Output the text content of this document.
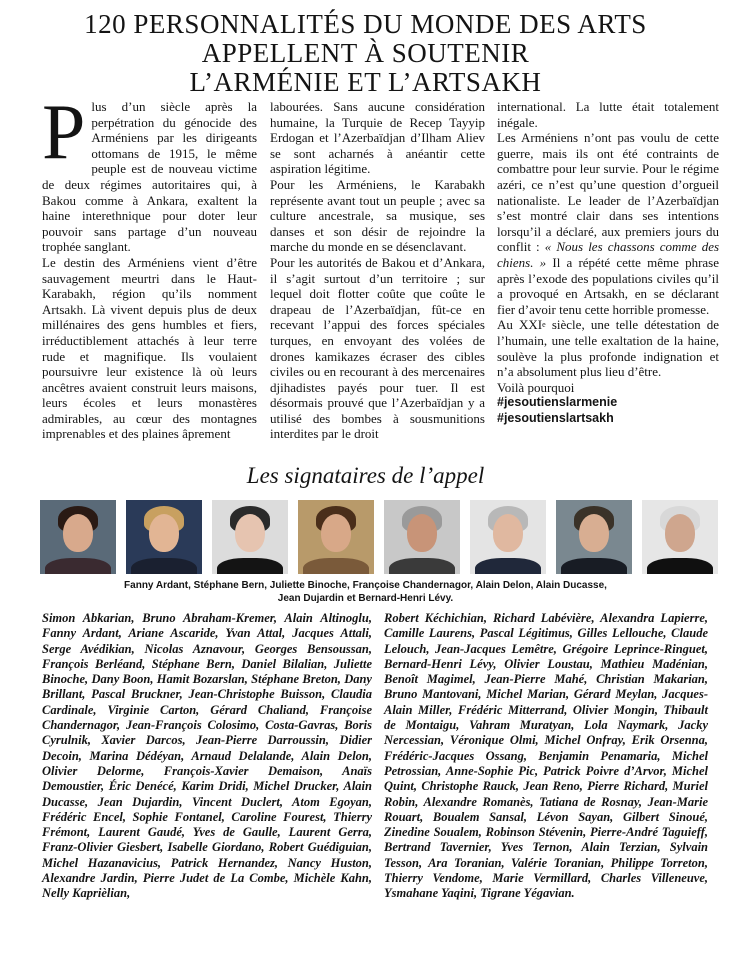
120 PERSONNALITÉS DU MONDE DES ARTS
APPELLENT À SOUTENIR
L’ARMÉNIE ET L’ARTSAKH

Plus d’un siècle après la perpétration du génocide des Arméniens par les dirigeants ottomans de 1915, le même peuple est de nouveau victime de deux régimes autoritaires qui, à Bakou comme à Ankara, exaltent la haine interethnique pour doter leur pouvoir sans partage d’un nouveau trophée sanglant.

Le destin des Arméniens vient d’être sauvagement meurtri dans le Haut-Karabakh, région qu’ils nomment Artsakh. Là vivent depuis plus de deux millénaires des gens humbles et fiers, irréductiblement attachés à leur terre rude et magnifique. Ils voulaient poursuivre leur existence là où leurs ancêtres avaient construit leurs maisons, leurs écoles et leurs monastères admirables, au cœur des montagnes imprenables et des plaines âprement

labourées. Sans aucune considération humaine, la Turquie de Recep Tayyip Erdogan et l’Azerbaïdjan d’Ilham Aliev se sont acharnés à anéantir cette aspiration légitime.

Pour les Arméniens, le Karabakh représente avant tout un peuple ; avec sa culture ancestrale, sa musique, ses danses et son désir de rejoindre la marche du monde en se désenclavant.

Pour les autorités de Bakou et d’Ankara, il s’agit surtout d’un territoire ; sur lequel doit flotter coûte que coûte le drapeau de l’Azerbaïdjan, fût-ce en recevant l’appui des forces spéciales turques, en envoyant des volées de drones kamikazes écraser des cibles civiles ou en recourant à des mercenaires djihadistes payés pour tuer. Il est désormais prouvé que l’Azerbaïdjan y a utilisé des bombes à sousmunitions interdites par le droit

international. La lutte était totalement inégale.

Les Arméniens n’ont pas voulu de cette guerre, mais ils ont été contraints de combattre pour leur survie. Pour le régime azéri, ce n’est qu’une question d’orgueil nationaliste. Le leader de l’Azerbaïdjan s’est montré clair dans ses intentions lorsqu’il a déclaré, aux premiers jours du conflit : « Nous les chassons comme des chiens. » Il a répété cette même phrase après l’exode des populations civiles qu’il a provoqué en Artsakh, en se déclarant fier d’avoir tenu cette horrible promesse.

Au XXIe siècle, une telle détestation de l’humain, une telle exaltation de la haine, soulève la plus profonde indignation et n’a absolument plus lieu d’être.

Voilà pourquoi

#jesoutienslarmenie

#jesoutienslartsakh

Les signataires de l’appel
Fanny Ardant, Stéphane Bern, Juliette Binoche, Françoise Chandernagor, Alain Delon, Alain Ducasse,
Jean Dujardin et Bernard-Henri Lévy.
Simon Abkarian, Bruno Abraham-Kremer, Alain Altinoglu, Fanny Ardant, Ariane Ascaride, Yvan Attal, Jacques Attali, Serge Avédikian, Nicolas Aznavour, Georges Bensoussan, François Berléand, Stéphane Bern, Daniel Bilalian, Juliette Binoche, Dany Boon, Hamit Bozarslan, Stéphane Breton, Dany Brillant, Pascal Bruckner, Jean-Christophe Buisson, Claudia Cardinale, Virginie Carton, Gérard Chaliand, Françoise Chandernagor, Jean-François Colosimo, Costa-Gavras, Boris Cyrulnik, Xavier Darcos, Jean-Pierre Darroussin, Didier Decoin, Marina Dédéyan, Arnaud Delalande, Alain Delon, Olivier Delorme, François-Xavier Demaison, Anaïs Demoustier, Éric Denécé, Karim Dridi, Michel Drucker, Alain Ducasse, Jean Dujardin, Vincent Duclert, Atom Egoyan, Frédéric Encel, Sophie Fontanel, Caroline Fourest, Thierry Frémont, Laurent Gaudé, Yves de Gaulle, Laurent Gerra, Franz-Olivier Giesbert, Isabelle Giordano, Robert Guédiguian, Michel Hazanavicius, Patrick Hernandez, Nancy Huston, Alexandre Jardin, Pierre Judet de La Combe, Michèle Kahn, Nelly Kaprièlian,
Robert Kéchichian, Richard Labévière, Alexandra Lapierre, Camille Laurens, Pascal Légitimus, Gilles Lellouche, Claude Lelouch, Jean-Jacques Lemêtre, Grégoire Leprince-Ringuet, Bernard-Henri Lévy, Olivier Loustau, Mathieu Madénian, Benoît Magimel, Jean-Pierre Mahé, Christian Makarian, Bruno Mantovani, Michel Marian, Gérard Meylan, Jacques-Alain Miller, Frédéric Mitterrand, Olivier Mongin, Thibault de Montaigu, Vahram Muratyan, Lola Naymark, Jacky Nercessian, Véronique Olmi, Michel Onfray, Erik Orsenna, Frédéric-Jacques Ossang, Benjamin Penamaria, Michel Petrossian, Anne-Sophie Pic, Patrick Poivre d’Arvor, Michel Quint, Christophe Rauck, Jean Reno, Pierre Richard, Muriel Robin, Alexandre Romanès, Tatiana de Rosnay, Jean-Marie Rouart, Boualem Sansal, Lévon Sayan, Gilbert Sinoué, Zinedine Soualem, Robinson Stévenin, Pierre-André Taguieff, Bertrand Tavernier, Yves Ternon, Alain Terzian, Sylvain Tesson, Ara Toranian, Valérie Toranian, Philippe Torreton, Thierry Vendome, Marie Vermillard, Charles Villeneuve, Ysmahane Yaqini, Tigrane Yégavian.
